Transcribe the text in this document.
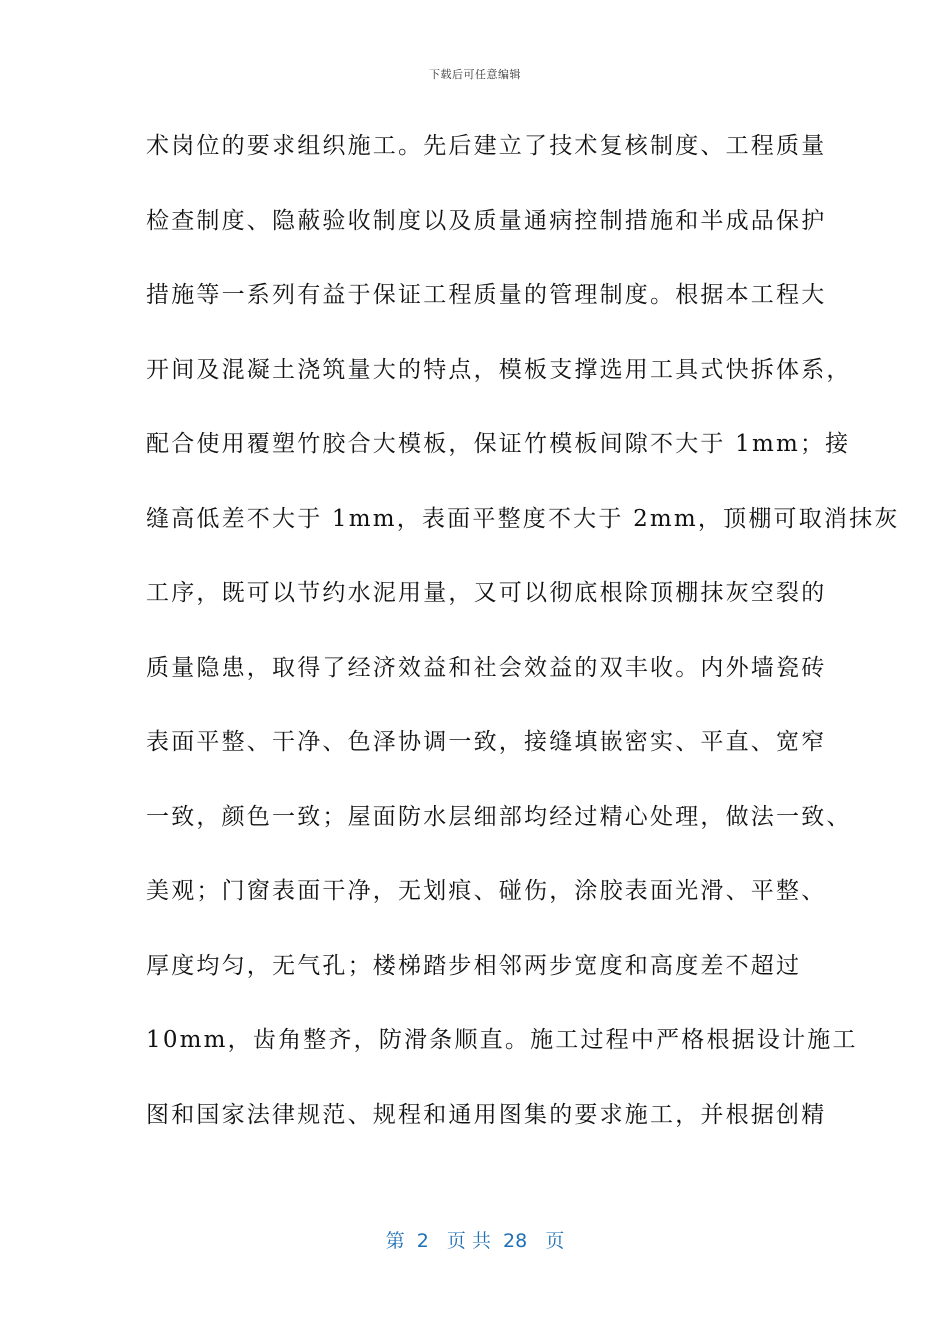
下载后可任意编辑
术岗位的要求组织施工。先后建立了技术复核制度、工程质量
检查制度、隐蔽验收制度以及质量通病控制措施和半成品保护
措施等一系列有益于保证工程质量的管理制度。根据本工程大
开间及混凝土浇筑量大的特点，模板支撑选用工具式快拆体系，
配合使用覆塑竹胶合大模板，保证竹模板间隙不大于 1mm；接
缝高低差不大于 1mm，表面平整度不大于 2mm，顶棚可取消抹灰
工序，既可以节约水泥用量，又可以彻底根除顶棚抹灰空裂的
质量隐患，取得了经济效益和社会效益的双丰收。内外墙瓷砖
表面平整、干净、色泽协调一致，接缝填嵌密实、平直、宽窄
一致，颜色一致；屋面防水层细部均经过精心处理，做法一致、
美观；门窗表面干净，无划痕、碰伤，涂胶表面光滑、平整、
厚度均匀，无气孔；楼梯踏步相邻两步宽度和高度差不超过
10mm，齿角整齐，防滑条顺直。施工过程中严格根据设计施工
图和国家法律规范、规程和通用图集的要求施工，并根据创精
第  2   页 共  28   页
